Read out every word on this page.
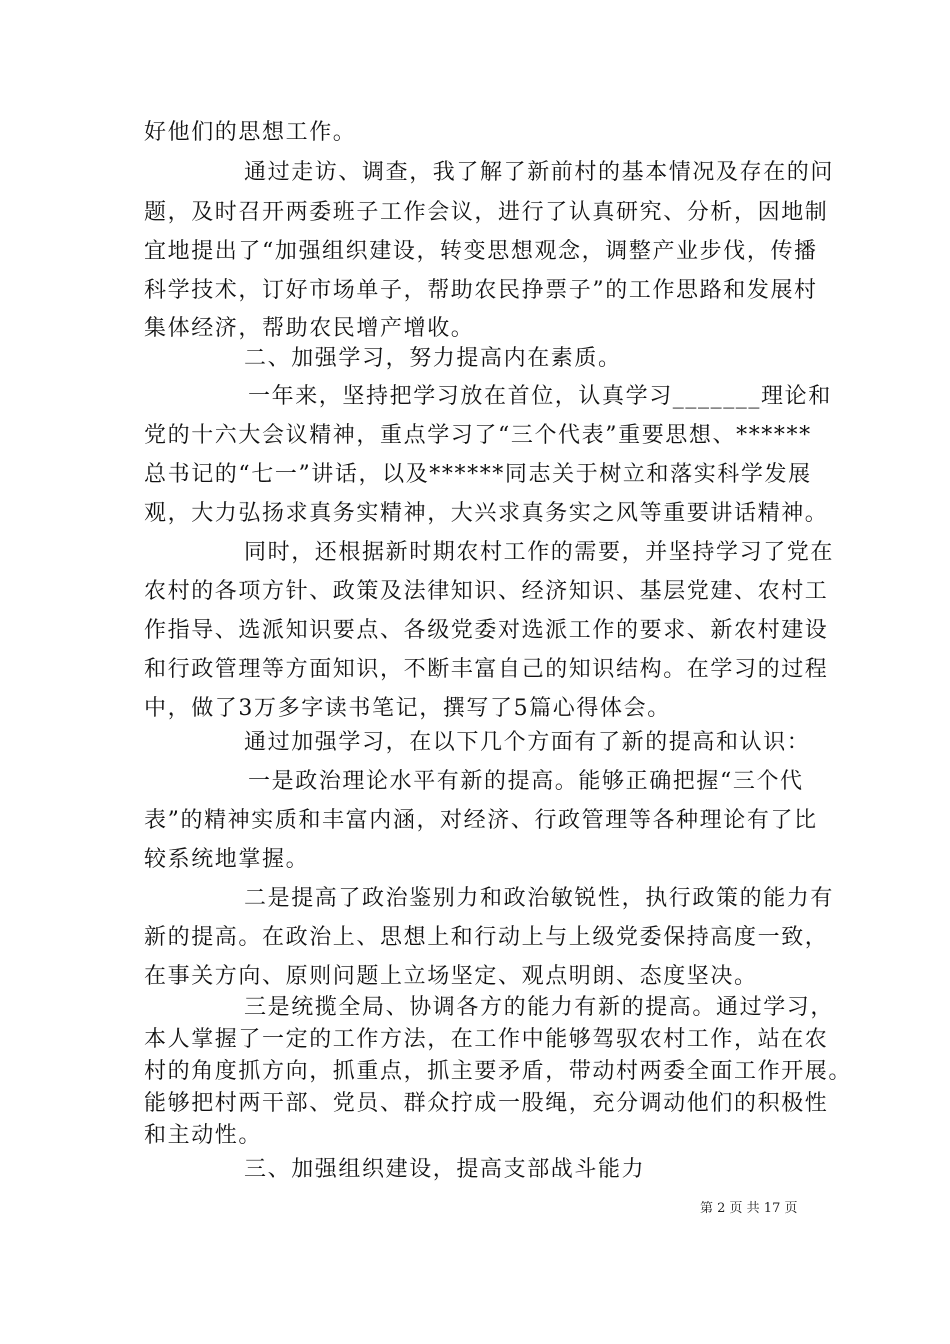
好他们的思想工作。
通过走访、调查，我了解了新前村的基本情况及存在的问
题，及时召开两委班子工作会议，进行了认真研究、分析，因地制
宜地提出了“加强组织建设，转变思想观念，调整产业步伐，传播
科学技术，订好市场单子，帮助农民挣票子”的工作思路和发展村
集体经济，帮助农民增产增收。
二、加强学习，努力提高内在素质。
一年来，坚持把学习放在首位，认真学习_______理论和
党的十六大会议精神，重点学习了“三个代表”重要思想、******
总书记的“七一”讲话，以及******同志关于树立和落实科学发展
观，大力弘扬求真务实精神，大兴求真务实之风等重要讲话精神。
同时，还根据新时期农村工作的需要，并坚持学习了党在
农村的各项方针、政策及法律知识、经济知识、基层党建、农村工
作指导、选派知识要点、各级党委对选派工作的要求、新农村建设
和行政管理等方面知识，不断丰富自己的知识结构。在学习的过程
中，做了3万多字读书笔记，撰写了5篇心得体会。
通过加强学习，在以下几个方面有了新的提高和认识：
一是政治理论水平有新的提高。能够正确把握“三个代
表”的精神实质和丰富内涵，对经济、行政管理等各种理论有了比
较系统地掌握。
二是提高了政治鉴别力和政治敏锐性，执行政策的能力有
新的提高。在政治上、思想上和行动上与上级党委保持高度一致，
在事关方向、原则问题上立场坚定、观点明朗、态度坚决。
三是统揽全局、协调各方的能力有新的提高。通过学习，
本人掌握了一定的工作方法，在工作中能够驾驭农村工作，站在农
村的角度抓方向，抓重点，抓主要矛盾，带动村两委全面工作开展。
能够把村两干部、党员、群众拧成一股绳，充分调动他们的积极性
和主动性。
三、加强组织建设，提高支部战斗能力
第 2 页 共 17 页
